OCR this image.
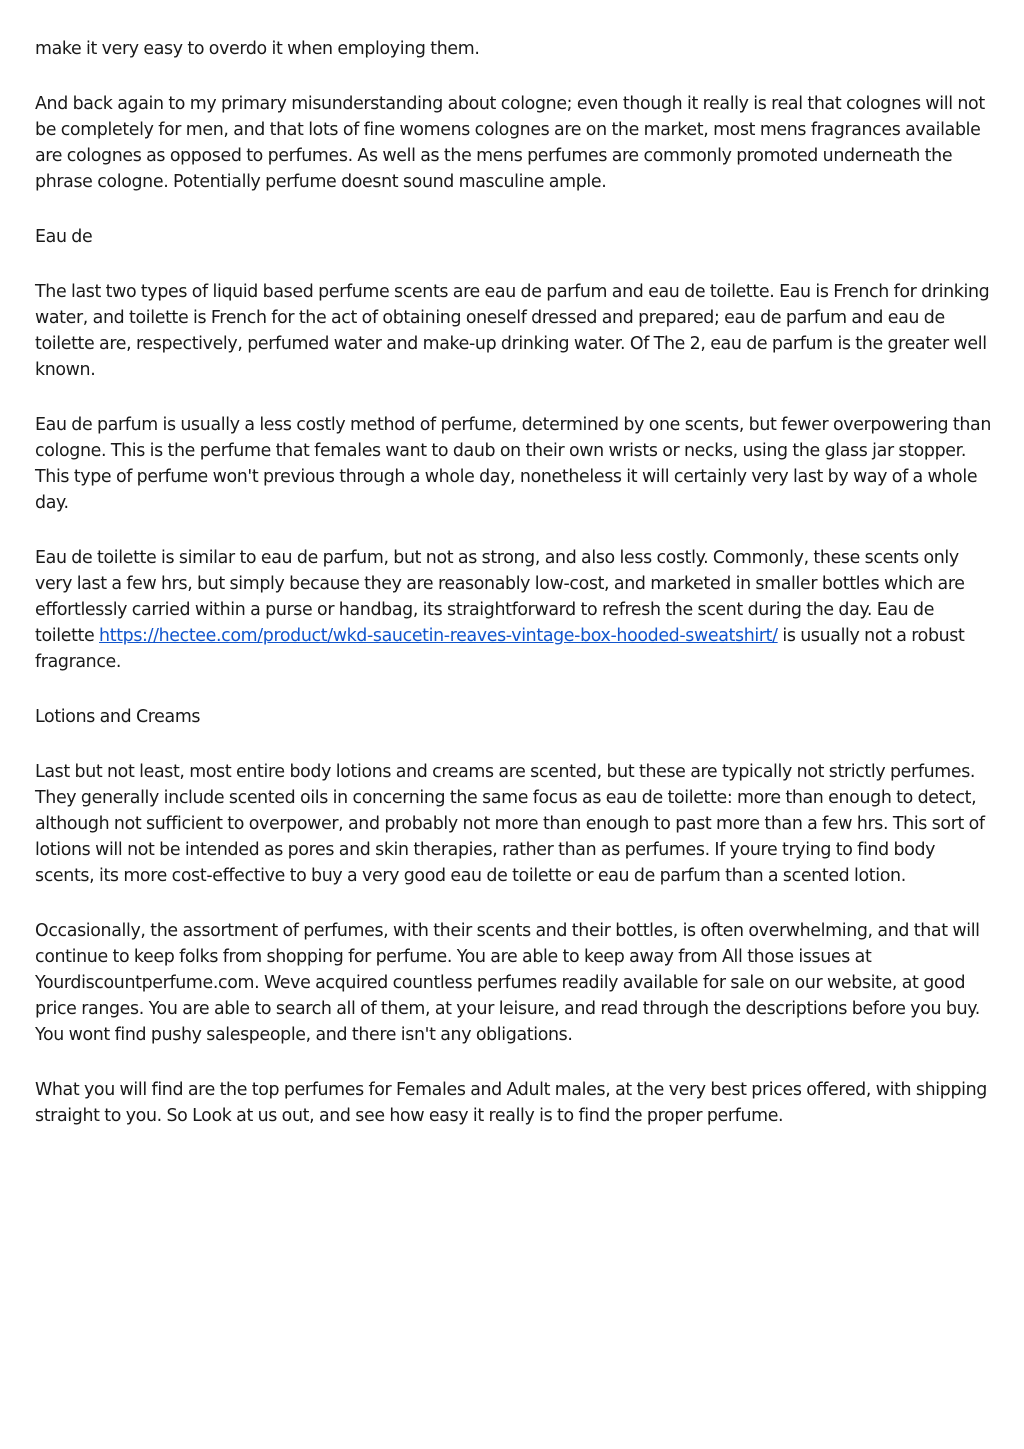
make it very easy to overdo it when employing them.

And back again to my primary misunderstanding about cologne; even though it really is real that colognes will not be completely for men, and that lots of fine womens colognes are on the market, most mens fragrances available are colognes as opposed to perfumes. As well as the mens perfumes are commonly promoted underneath the phrase cologne. Potentially perfume doesnt sound masculine ample.

Eau de

The last two types of liquid based perfume scents are eau de parfum and eau de toilette. Eau is French for drinking water, and toilette is French for the act of obtaining oneself dressed and prepared; eau de parfum and eau de toilette are, respectively, perfumed water and make-up drinking water. Of The 2, eau de parfum is the greater well known.

Eau de parfum is usually a less costly method of perfume, determined by one scents, but fewer overpowering than cologne. This is the perfume that females want to daub on their own wrists or necks, using the glass jar stopper. This type of perfume won't previous through a whole day, nonetheless it will certainly very last by way of a whole day.

Eau de toilette is similar to eau de parfum, but not as strong, and also less costly. Commonly, these scents only very last a few hrs, but simply because they are reasonably low-cost, and marketed in smaller bottles which are effortlessly carried within a purse or handbag, its straightforward to refresh the scent during the day. Eau de toilette https://hectee.com/product/wkd-saucetin-reaves-vintage-box-hooded-sweatshirt/ is usually not a robust fragrance.

Lotions and Creams

Last but not least, most entire body lotions and creams are scented, but these are typically not strictly perfumes. They generally include scented oils in concerning the same focus as eau de toilette: more than enough to detect, although not sufficient to overpower, and probably not more than enough to past more than a few hrs. This sort of lotions will not be intended as pores and skin therapies, rather than as perfumes. If youre trying to find body scents, its more cost-effective to buy a very good eau de toilette or eau de parfum than a scented lotion.

Occasionally, the assortment of perfumes, with their scents and their bottles, is often overwhelming, and that will continue to keep folks from shopping for perfume. You are able to keep away from All those issues at Yourdiscountperfume.com. Weve acquired countless perfumes readily available for sale on our website, at good price ranges. You are able to search all of them, at your leisure, and read through the descriptions before you buy. You wont find pushy salespeople, and there isn't any obligations.

What you will find are the top perfumes for Females and Adult males, at the very best prices offered, with shipping straight to you. So Look at us out, and see how easy it really is to find the proper perfume.
